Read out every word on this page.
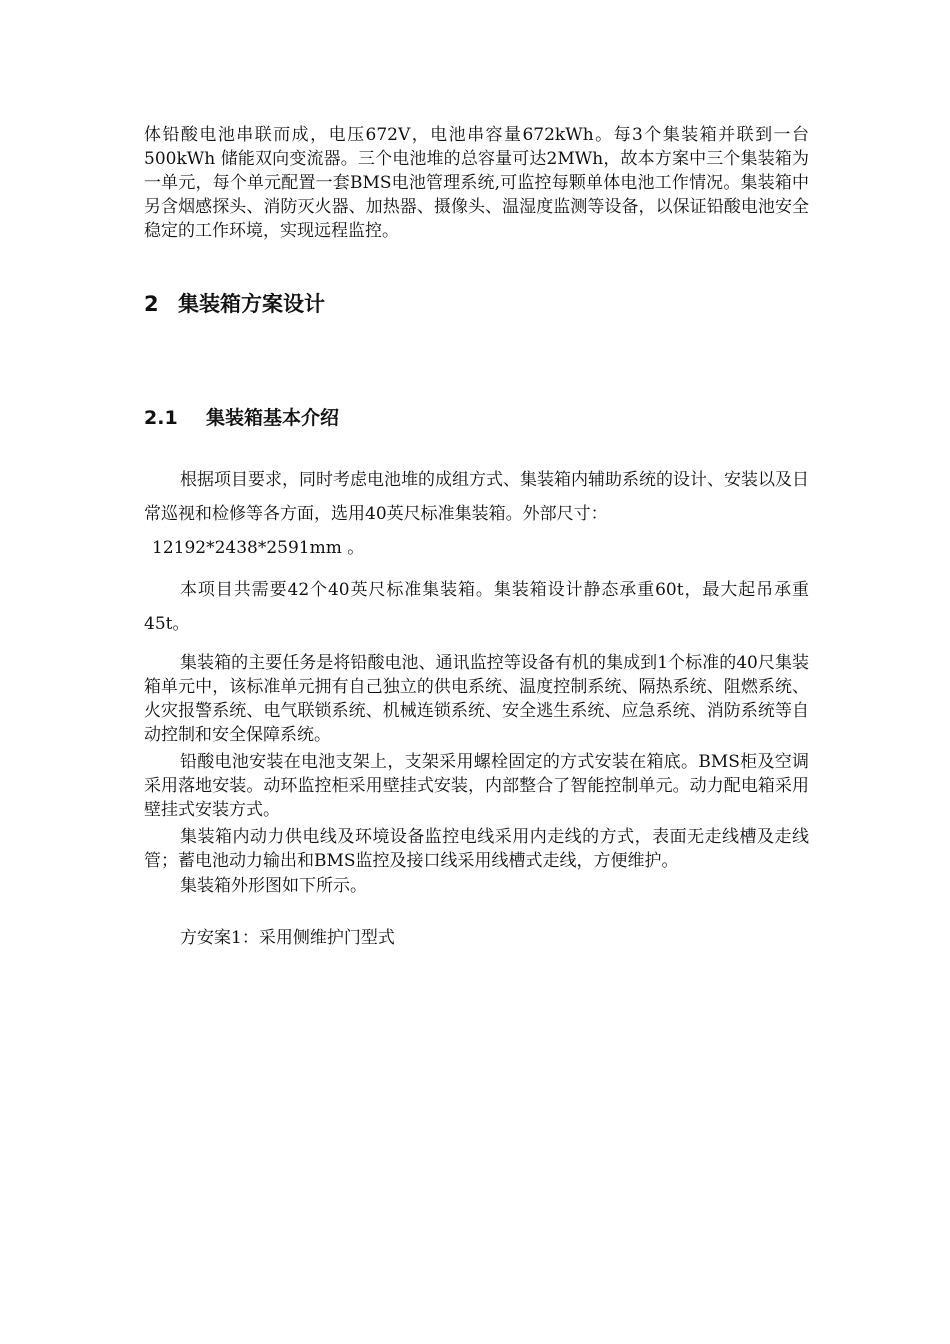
体铅酸电池串联而成，电压672V，电池串容量672kWh。每3个集装箱并联到一台500kWh 储能双向变流器。三个电池堆的总容量可达2MWh，故本方案中三个集装箱为一单元，每个单元配置一套BMS电池管理系统,可监控每颗单体电池工作情况。集装箱中另含烟感探头、消防灭火器、加热器、摄像头、温湿度监测等设备，以保证铅酸电池安全稳定的工作环境，实现远程监控。

2 集装箱方案设计
2.1 集装箱基本介绍

根据项目要求，同时考虑电池堆的成组方式、集装箱内辅助系统的设计、安装以及日常巡视和检修等各方面，选用40英尺标准集装箱。外部尺寸：

12192*2438*2591mm 。

本项目共需要42个40英尺标准集装箱。集装箱设计静态承重60t，最大起吊承重45t。

集装箱的主要任务是将铅酸电池、通讯监控等设备有机的集成到1个标准的40尺集装箱单元中，该标准单元拥有自己独立的供电系统、温度控制系统、隔热系统、阻燃系统、火灾报警系统、电气联锁系统、机械连锁系统、安全逃生系统、应急系统、消防系统等自动控制和安全保障系统。

铅酸电池安装在电池支架上，支架采用螺栓固定的方式安装在箱底。BMS柜及空调采用落地安装。动环监控柜采用壁挂式安装，内部整合了智能控制单元。动力配电箱采用壁挂式安装方式。

集装箱内动力供电线及环境设备监控电线采用内走线的方式，表面无走线槽及走线管；蓄电池动力输出和BMS监控及接口线采用线槽式走线，方便维护。

集装箱外形图如下所示。

方安案1：采用侧维护门型式
